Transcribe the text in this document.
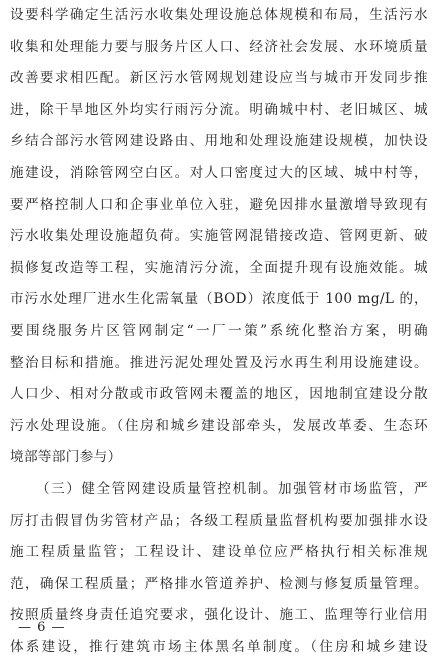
设要科学确定生活污水收集处理设施总体规模和布局，生活污水
收集和处理能力要与服务片区人口、经济社会发展、水环境质量
改善要求相匹配。新区污水管网规划建设应当与城市开发同步推
进，除干旱地区外均实行雨污分流。明确城中村、老旧城区、城
乡结合部污水管网建设路由、用地和处理设施建设规模，加快设
施建设，消除管网空白区。对人口密度过大的区域、城中村等，
要严格控制人口和企事业单位入驻，避免因排水量激增导致现有
污水收集处理设施超负荷。实施管网混错接改造、管网更新、破
损修复改造等工程，实施清污分流，全面提升现有设施效能。城
市污水处理厂进水生化需氧量（BOD）浓度低于 100 mg/L 的，
要围绕服务片区管网制定“一厂一策”系统化整治方案，明确
整治目标和措施。推进污泥处理处置及污水再生利用设施建设。
人口少、相对分散或市政管网未覆盖的地区，因地制宜建设分散
污水处理设施。（住房和城乡建设部牵头，发展改革委、生态环
境部等部门参与）
（三）健全管网建设质量管控机制。加强管材市场监管，严
厉打击假冒伪劣管材产品；各级工程质量监督机构要加强排水设
施工程质量监管；工程设计、建设单位应严格执行相关标准规
范，确保工程质量；严格排水管道养护、检测与修复质量管理。
按照质量终身责任追究要求，强化设计、施工、监理等行业信用
体系建设，推行建筑市场主体黑名单制度。（住房和城乡建设
— 6 —
